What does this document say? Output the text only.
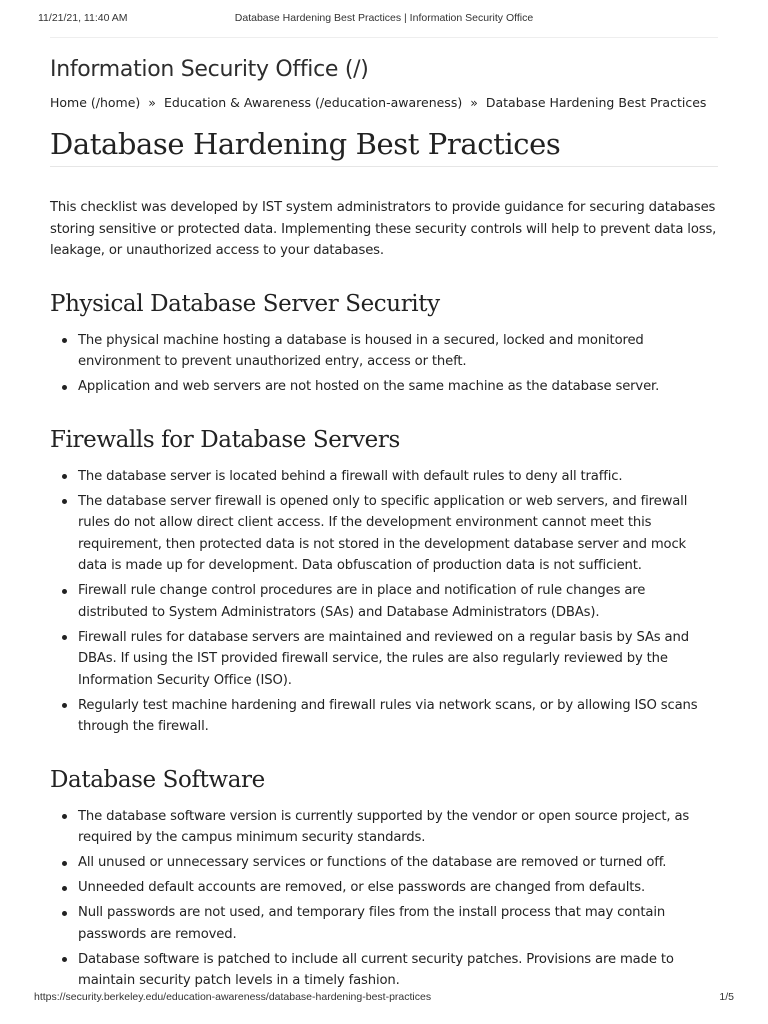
11/21/21, 11:40 AM	Database Hardening Best Practices | Information Security Office
Information Security Office (/)
Home (/home) » Education & Awareness (/education-awareness) » Database Hardening Best Practices
Database Hardening Best Practices

This checklist was developed by IST system administrators to provide guidance for securing databases storing sensitive or protected data. Implementing these security controls will help to prevent data loss, leakage, or unauthorized access to your databases.

Physical Database Server Security
The physical machine hosting a database is housed in a secured, locked and monitored environment to prevent unauthorized entry, access or theft.
Application and web servers are not hosted on the same machine as the database server.
Firewalls for Database Servers
The database server is located behind a firewall with default rules to deny all traffic.
The database server firewall is opened only to specific application or web servers, and firewall rules do not allow direct client access. If the development environment cannot meet this requirement, then protected data is not stored in the development database server and mock data is made up for development. Data obfuscation of production data is not sufficient.
Firewall rule change control procedures are in place and notification of rule changes are distributed to System Administrators (SAs) and Database Administrators (DBAs).
Firewall rules for database servers are maintained and reviewed on a regular basis by SAs and DBAs. If using the IST provided firewall service, the rules are also regularly reviewed by the Information Security Office (ISO).
Regularly test machine hardening and firewall rules via network scans, or by allowing ISO scans through the firewall.
Database Software
The database software version is currently supported by the vendor or open source project, as required by the campus minimum security standards.
All unused or unnecessary services or functions of the database are removed or turned off.
Unneeded default accounts are removed, or else passwords are changed from defaults.
Null passwords are not used, and temporary files from the install process that may contain passwords are removed.
Database software is patched to include all current security patches. Provisions are made to maintain security patch levels in a timely fashion.
https://security.berkeley.edu/education-awareness/database-hardening-best-practices	1/5
